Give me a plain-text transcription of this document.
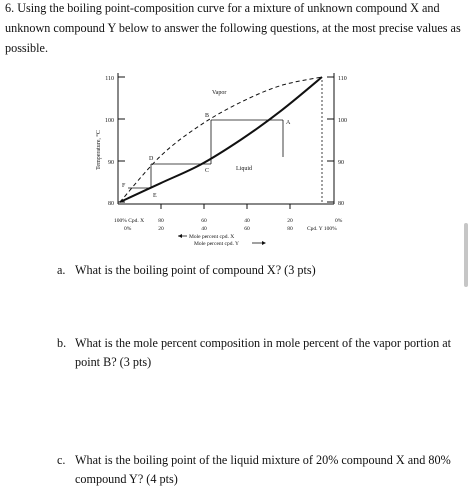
6. Using the boiling point-composition curve for a mixture of unknown compound X and
unknown compound Y below to answer the following questions, at the most precise values as
possible.
110
100
90
80
110
100
90
80
Temperature, °C
Vapor
Liquid
A
B
C
D
E
F
100% Cpd. X	80	60	40	20	0%
0%	20	40	60	80	Cpd. Y 100%
Mole percent cpd. X
Mole percent cpd. Y
a. What is the boiling point of compound X? (3 pts)
b. What is the mole percent composition in mole percent of the vapor portion at
point B? (3 pts)
c. What is the boiling point of the liquid mixture of 20% compound X and 80%
compound Y? (4 pts)
